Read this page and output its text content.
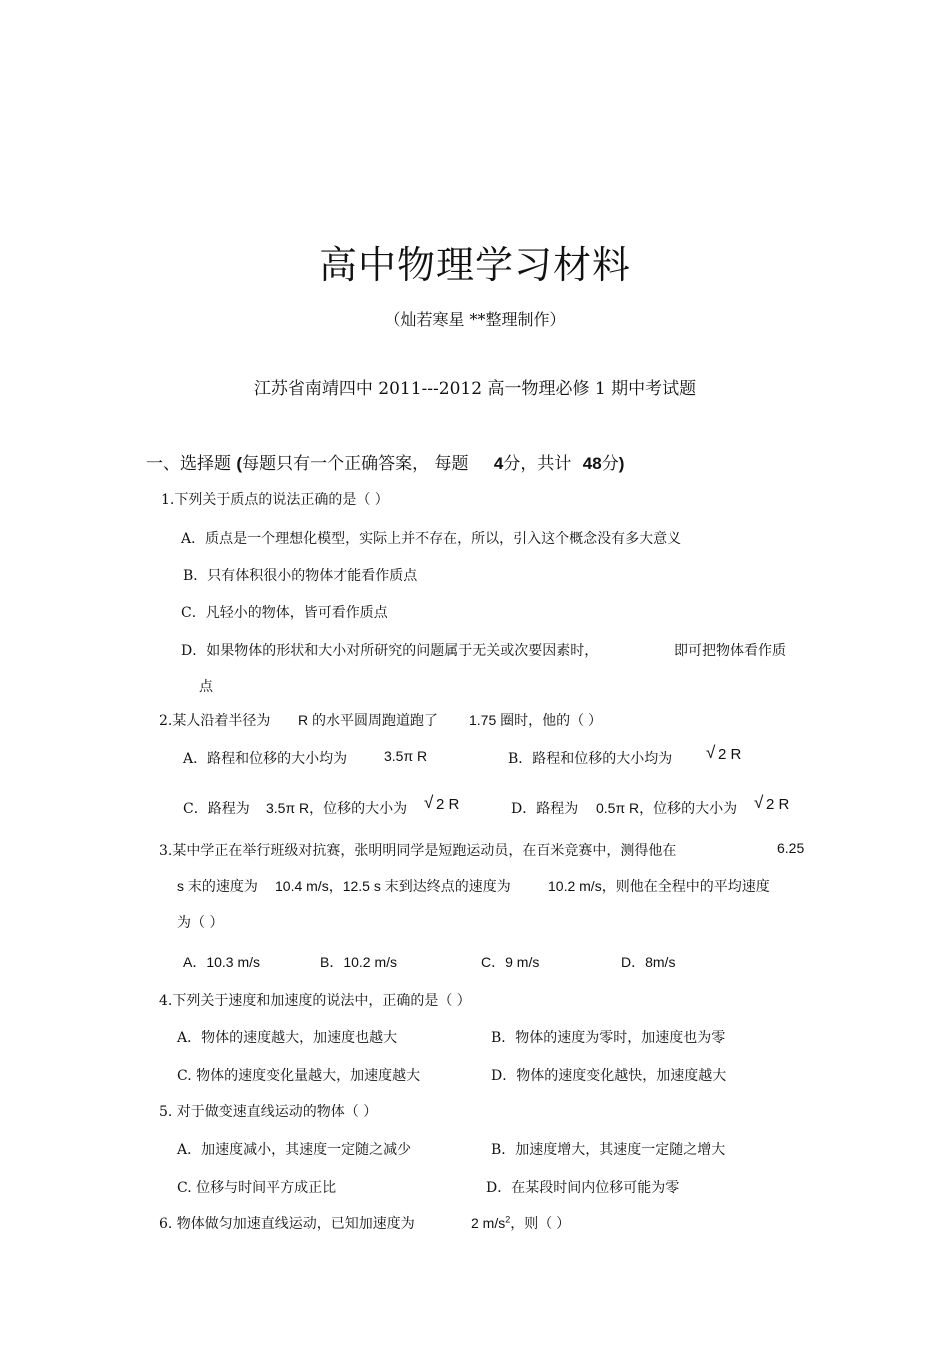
高中物理学习材料
（灿若寒星 **整理制作）
江苏省南靖四中 2011---2012 高一物理必修 1 期中考试题
一、选择题 (每题只有一个正确答案， 每题 4分，共计 48分)
1.下列关于质点的说法正确的是（ ）
A．质点是一个理想化模型，实际上并不存在，所以，引入这个概念没有多大意义
B．只有体积很小的物体才能看作质点
C．凡轻小的物体，皆可看作质点
D．如果物体的形状和大小对所研究的问题属于无关或次要因素时，	即可把物体看作质
点
2.某人沿着半径为 R 的水平圆周跑道跑了 1.75 圈时，他的（ ）
A．路程和位移的大小均为	3.5π R	B．路程和位移的大小均为 √ 2 R
C．路程为 3.5π R，位移的大小为 √ 2 R	D．路程为 0.5π R，位移的大小为 √ 2 R
3.某中学正在举行班级对抗赛，张明明同学是短跑运动员，在百米竞赛中，测得他在	6.25
s 末的速度为 10.4 m/s，12.5 s 末到达终点的速度为	10.2 m/s，则他在全程中的平均速度
为（ ）
A．10.3 m/s	B．10.2 m/s	C．9 m/s	D．8m/s
4.下列关于速度和加速度的说法中，正确的是（ ）
A．物体的速度越大，加速度也越大	B．物体的速度为零时，加速度也为零
C. 物体的速度变化量越大，加速度越大	D．物体的速度变化越快，加速度越大
5. 对于做变速直线运动的物体（ ）
A．加速度减小，其速度一定随之减少	B．加速度增大，其速度一定随之增大
C. 位移与时间平方成正比	D．在某段时间内位移可能为零
6. 物体做匀加速直线运动，已知加速度为	2 $m/s^2$，则（ ）
